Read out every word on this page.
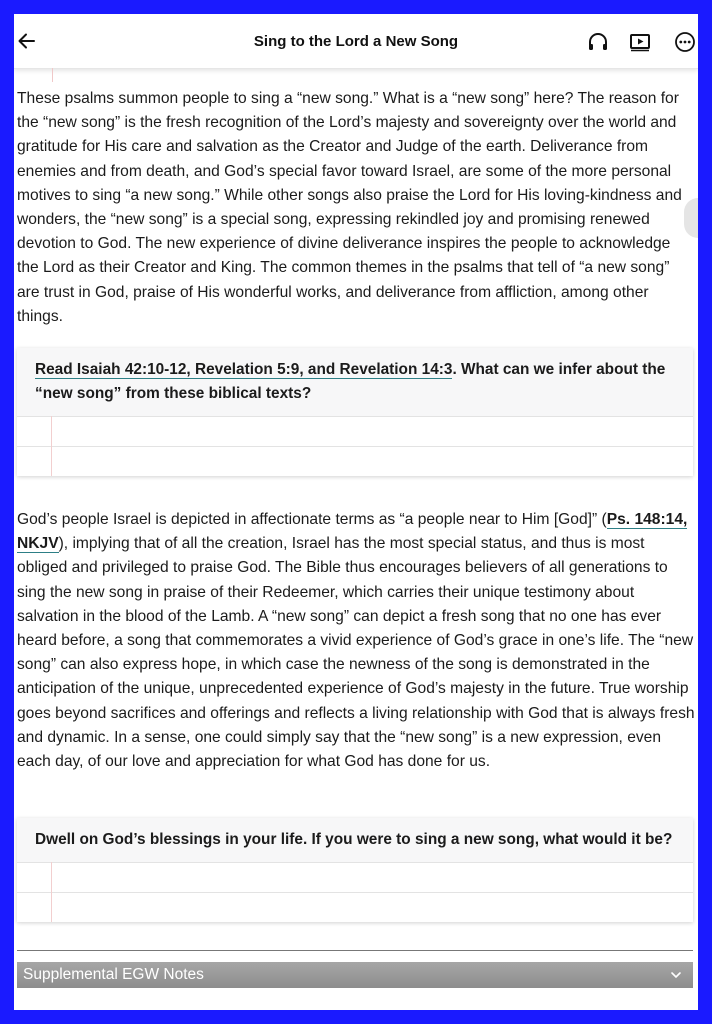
Sing to the Lord a New Song

These psalms summon people to sing a “new song.” What is a “new song” here? The reason for the “new song” is the fresh recognition of the Lord’s majesty and sovereignty over the world and gratitude for His care and salvation as the Creator and Judge of the earth. Deliverance from enemies and from death, and God’s special favor toward Israel, are some of the more personal motives to sing “a new song.” While other songs also praise the Lord for His loving-kindness and wonders, the “new song” is a special song, expressing rekindled joy and promising renewed devotion to God. The new experience of divine deliverance inspires the people to acknowledge the Lord as their Creator and King. The common themes in the psalms that tell of “a new song” are trust in God, praise of His wonderful works, and deliverance from affliction, among other things.

Read Isaiah 42:10-12, Revelation 5:9, and Revelation 14:3. What can we infer about the “new song” from these biblical texts?

God’s people Israel is depicted in affectionate terms as “a people near to Him [God]” (Ps. 148:14, NKJV), implying that of all the creation, Israel has the most special status, and thus is most obliged and privileged to praise God. The Bible thus encourages believers of all generations to sing the new song in praise of their Redeemer, which carries their unique testimony about salvation in the blood of the Lamb. A “new song” can depict a fresh song that no one has ever heard before, a song that commemorates a vivid experience of God’s grace in one’s life. The “new song” can also express hope, in which case the newness of the song is demonstrated in the anticipation of the unique, unprecedented experience of God’s majesty in the future. True worship goes beyond sacrifices and offerings and reflects a living relationship with God that is always fresh and dynamic. In a sense, one could simply say that the “new song” is a new expression, even each day, of our love and appreciation for what God has done for us.

Dwell on God’s blessings in your life. If you were to sing a new song, what would it be?
Supplemental EGW Notes
